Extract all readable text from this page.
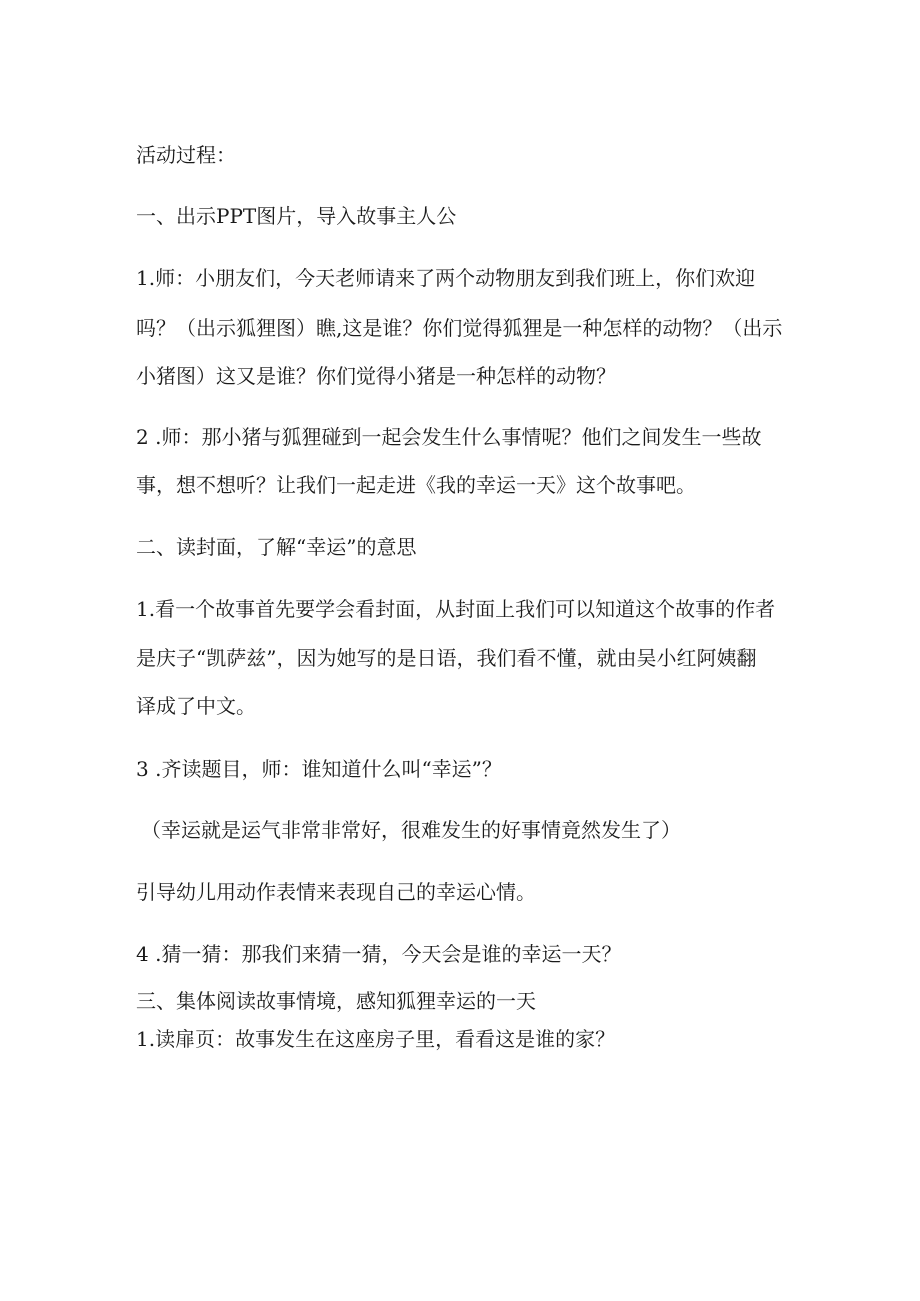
活动过程：

一、出示PPT图片，导入故事主人公

1.师：小朋友们，今天老师请来了两个动物朋友到我们班上，你们欢迎

吗？（出示狐狸图）瞧,这是谁？你们觉得狐狸是一种怎样的动物？（出示

小猪图）这又是谁？你们觉得小猪是一种怎样的动物？

2 .师：那小猪与狐狸碰到一起会发生什么事情呢？他们之间发生一些故

事，想不想听？让我们一起走进《我的幸运一天》这个故事吧。

二、读封面，了解“幸运”的意思

1.看一个故事首先要学会看封面，从封面上我们可以知道这个故事的作者

是庆子“凯萨兹”，因为她写的是日语，我们看不懂，就由吴小红阿姨翻

译成了中文。

3 .齐读题目，师：谁知道什么叫“幸运”？

（幸运就是运气非常非常好，很难发生的好事情竟然发生了）

引导幼儿用动作表情来表现自己的幸运心情。

4 .猜一猜：那我们来猜一猜，今天会是谁的幸运一天？

三、集体阅读故事情境，感知狐狸幸运的一天

1.读扉页：故事发生在这座房子里，看看这是谁的家？
